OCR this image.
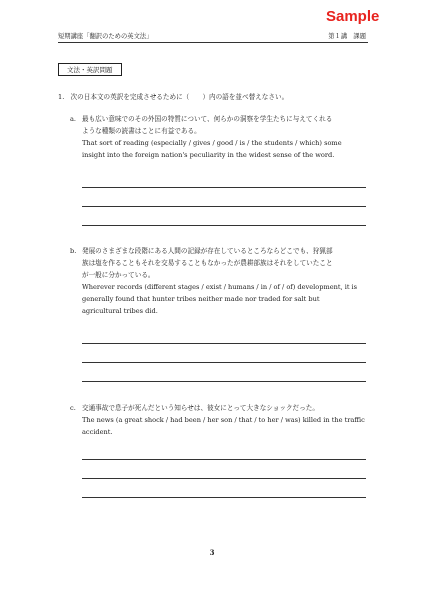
Sample
短期講座「翻訳のための英文法」	第１講　課題
文法・英訳問題
1. 次の日本文の英訳を完成させるために（　　）内の語を並べ替えなさい。
a. 最も広い意味でのその外国の特質について、何らかの洞察を学生たちに与えてくれる
ような種類の読書はことに有益である。
That sort of reading (especially / gives / good / is / the students / which) some
insight into the foreign nation's peculiarity in the widest sense of the word.
b. 発展のさまざまな段階にある人間の記録が存在しているところならどこでも、狩猟部
族は塩を作ることもそれを交易することもなかったが農耕部族はそれをしていたこと
が一般に分かっている。
Wherever records (different stages / exist / humans / in / of / of) development, it is
generally found that hunter tribes neither made nor traded for salt but
agricultural tribes did.
c. 交通事故で息子が死んだという知らせは、彼女にとって大きなショックだった。
The news (a great shock / had been / her son / that / to her / was) killed in the traffic
accident.
3
